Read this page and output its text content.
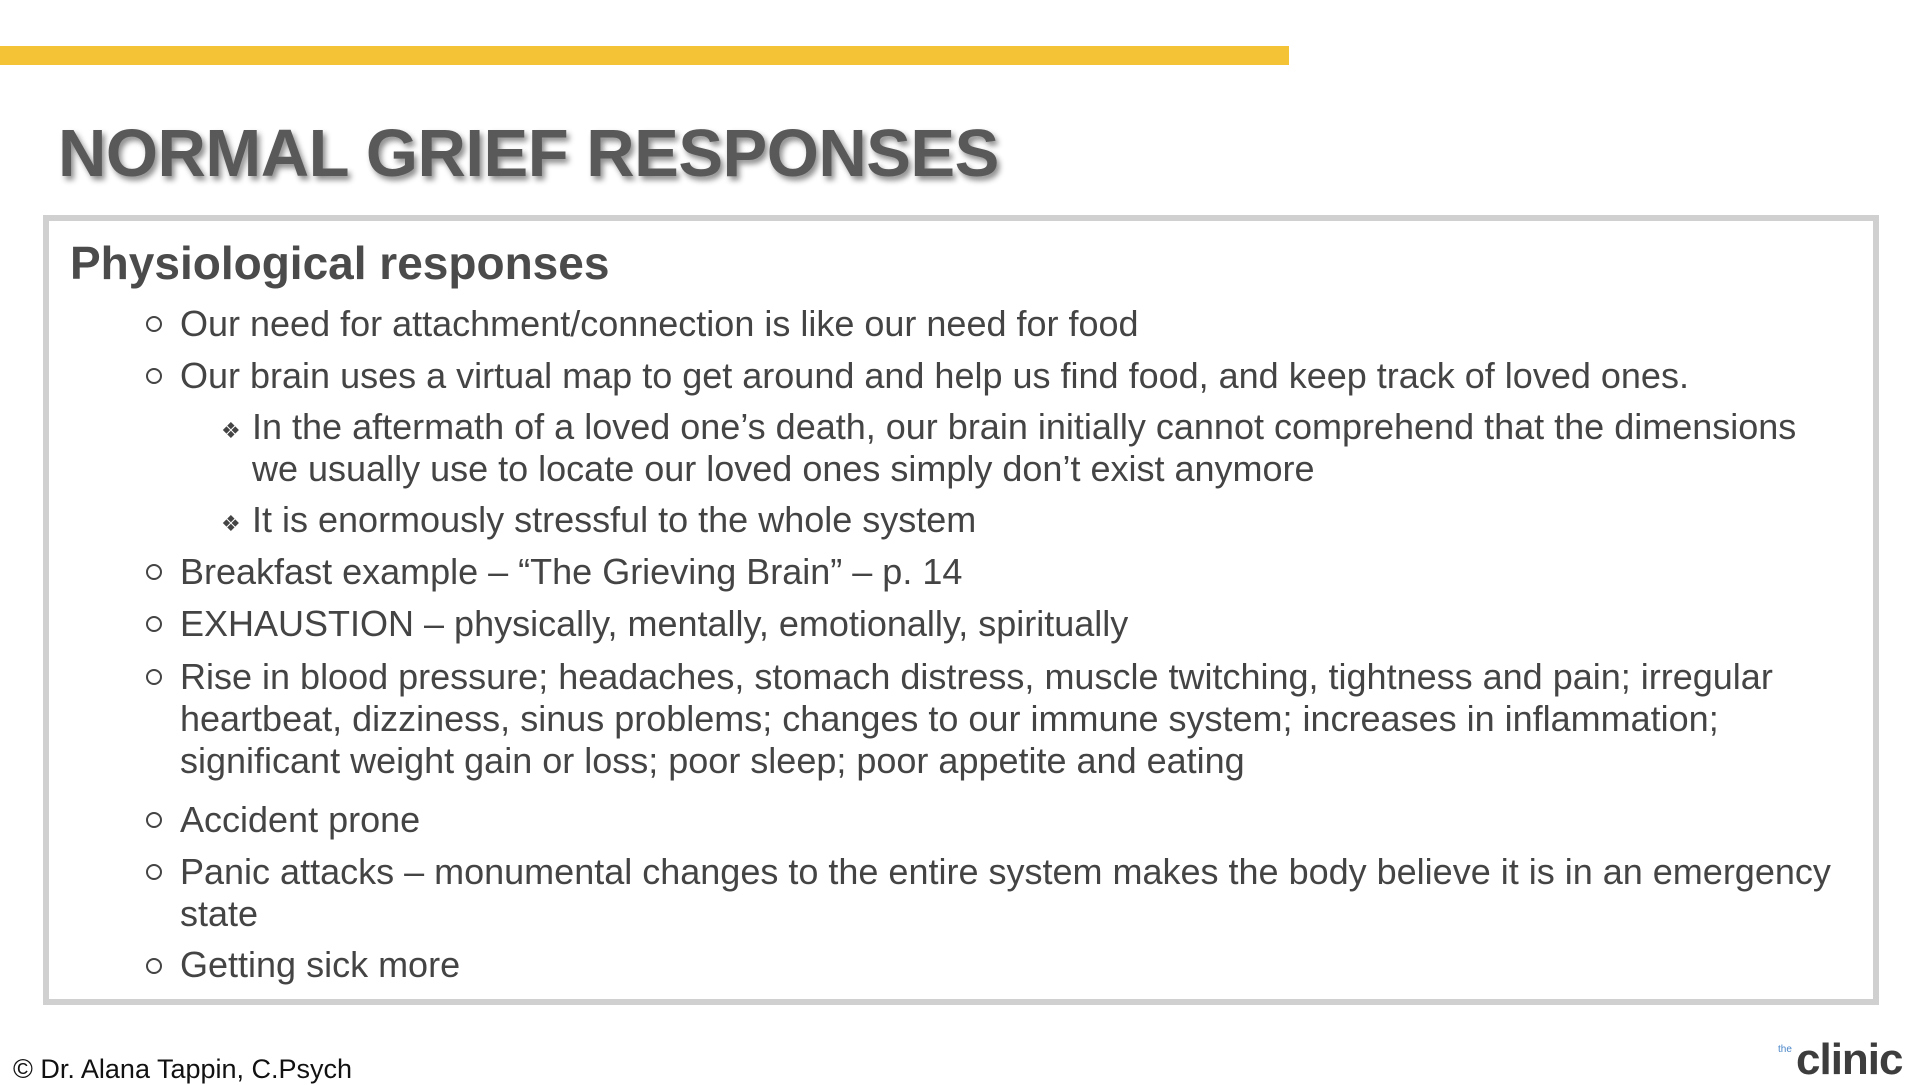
NORMAL GRIEF RESPONSES
Physiological responses
Our need for attachment/connection is like our need for food
Our brain uses a virtual map to get around and help us find food, and keep track of loved ones.
❖ In the aftermath of a loved one’s death, our brain initially cannot comprehend that the dimensions we usually use to locate our loved ones simply don’t exist anymore
❖ It is enormously stressful to the whole system
Breakfast example – “The Grieving Brain” – p. 14
EXHAUSTION – physically, mentally, emotionally, spiritually
Rise in blood pressure; headaches, stomach distress, muscle twitching, tightness and pain; irregular heartbeat, dizziness, sinus problems; changes to our immune system; increases in inflammation; significant weight gain or loss; poor sleep; poor appetite and eating
Accident prone
Panic attacks – monumental changes to the entire system makes the body believe it is in an emergency state
Getting sick more
© Dr. Alana Tappin, C.Psych
the clinic
